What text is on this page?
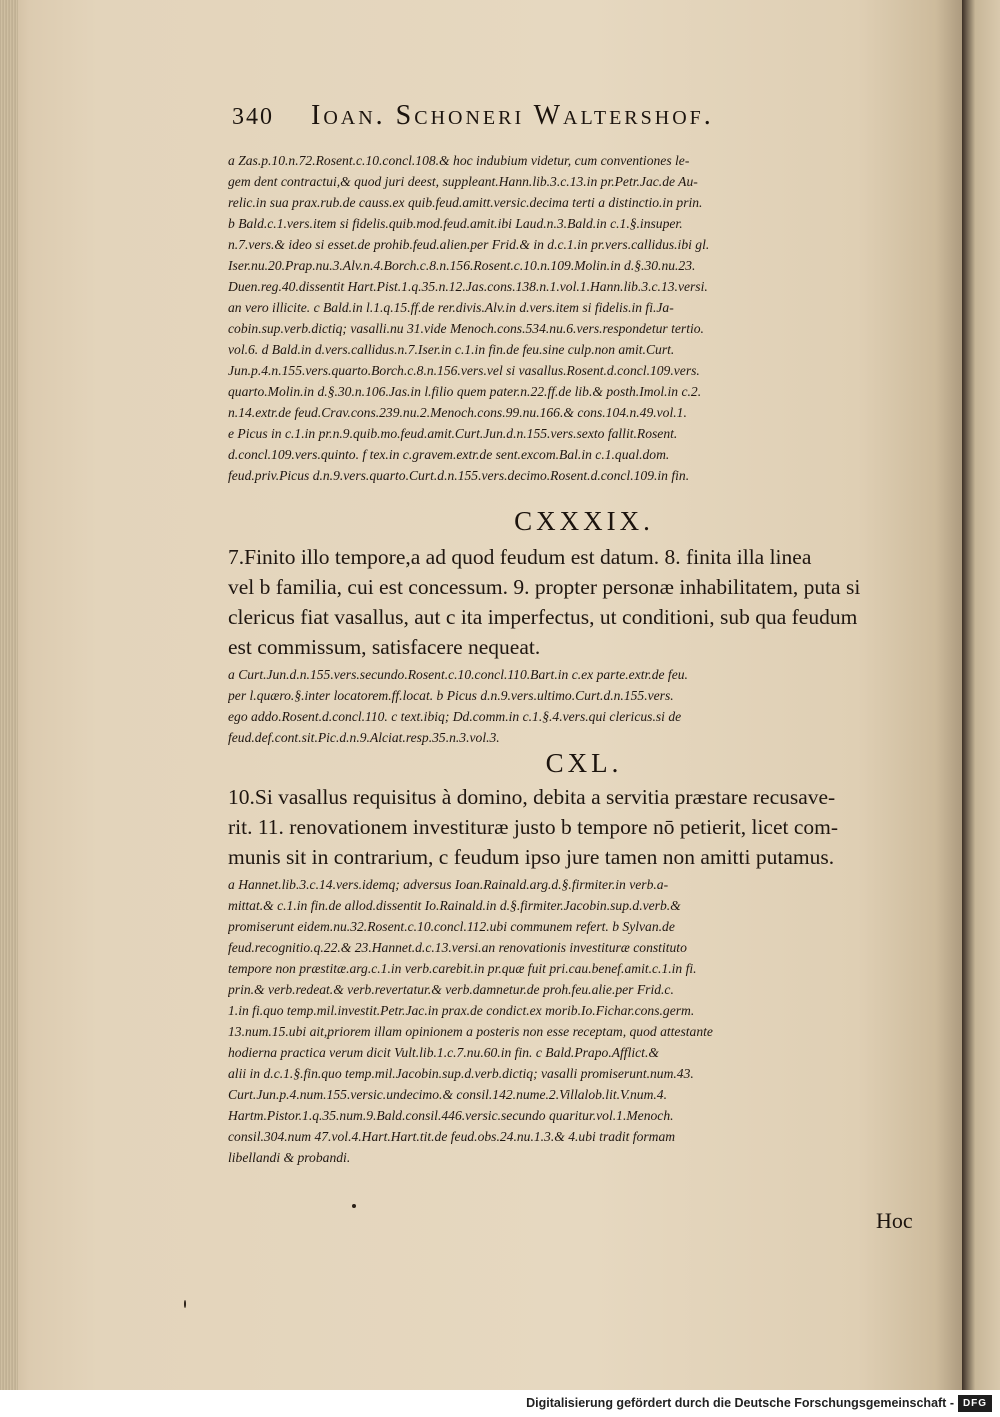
340 Ioan. Schoneri Waltershof.
a Zas.p.10.n.72.Rosent.c.10.concl.108.& hoc indubium videtur, cum conventiones le-
gem dent contractui,& quod juri deest, suppleant.Hann.lib.3.c.13.in pr.Petr.Jac.de Au-
relic.in sua prax.rub.de causs.ex quib.feud.amitt.versic.decima terti a distinctio.in prin.
b Bald.c.1.vers.item si fidelis.quib.mod.feud.amit.ibi Laud.n.3.Bald.in c.1.§.insuper.
n.7.vers.& ideo si esset.de prohib.feud.alien.per Frid.& in d.c.1.in pr.vers.callidus.ibi gl.
Iser.nu.20.Prap.nu.3.Alv.n.4.Borch.c.8.n.156.Rosent.c.10.n.109.Molin.in d.§.30.nu.23.
Duen.reg.40.dissentit Hart.Pist.1.q.35.n.12.Jas.cons.138.n.1.vol.1.Hann.lib.3.c.13.versi.
an vero illicite. c Bald.in l.1.q.15.ff.de rer.divis.Alv.in d.vers.item si fidelis.in fi.Ja-
cobin.sup.verb.dictiq; vasalli.nu 31.vide Menoch.cons.534.nu.6.vers.respondetur tertio.
vol.6. d Bald.in d.vers.callidus.n.7.Iser.in c.1.in fin.de feu.sine culp.non amit.Curt.
Jun.p.4.n.155.vers.quarto.Borch.c.8.n.156.vers.vel si vasallus.Rosent.d.concl.109.vers.
quarto.Molin.in d.§.30.n.106.Jas.in l.filio quem pater.n.22.ff.de lib.& posth.Imol.in c.2.
n.14.extr.de feud.Crav.cons.239.nu.2.Menoch.cons.99.nu.166.& cons.104.n.49.vol.1.
e Picus in c.1.in pr.n.9.quib.mo.feud.amit.Curt.Jun.d.n.155.vers.sexto fallit.Rosent.
d.concl.109.vers.quinto. f tex.in c.gravem.extr.de sent.excom.Bal.in c.1.qual.dom.
feud.priv.Picus d.n.9.vers.quarto.Curt.d.n.155.vers.decimo.Rosent.d.concl.109.in fin.
CXXXIX.
7.Finito illo tempore,a ad quod feudum est datum. 8. finita illa linea
vel b familia, cui est concessum. 9. propter personæ inhabilitatem, puta si
clericus fiat vasallus, aut c ita imperfectus, ut conditioni, sub qua feudum
est commissum, satisfacere nequeat.
a Curt.Jun.d.n.155.vers.secundo.Rosent.c.10.concl.110.Bart.in c.ex parte.extr.de feu.
per l.quæro.§.inter locatorem.ff.locat. b Picus d.n.9.vers.ultimo.Curt.d.n.155.vers.
ego addo.Rosent.d.concl.110. c text.ibiq; Dd.comm.in c.1.§.4.vers.qui clericus.si de
feud.def.cont.sit.Pic.d.n.9.Alciat.resp.35.n.3.vol.3.
CXL.
10.Si vasallus requisitus à domino, debita a servitia præstare recusave-
rit. 11. renovationem investituræ justo b tempore nō petierit, licet com-
munis sit in contrarium, c feudum ipso jure tamen non amitti putamus.
a Hannet.lib.3.c.14.vers.idemq; adversus Ioan.Rainald.arg.d.§.firmiter.in verb.a-
mittat.& c.1.in fin.de allod.dissentit Io.Rainald.in d.§.firmiter.Jacobin.sup.d.verb.&
promiserunt eidem.nu.32.Rosent.c.10.concl.112.ubi communem refert. b Sylvan.de
feud.recognitio.q.22.& 23.Hannet.d.c.13.versi.an renovationis investituræ constituto
tempore non præstitæ.arg.c.1.in verb.carebit.in pr.quæ fuit pri.cau.benef.amit.c.1.in fi.
prin.& verb.redeat.& verb.revertatur.& verb.damnetur.de proh.feu.alie.per Frid.c.
1.in fi.quo temp.mil.investit.Petr.Jac.in prax.de condict.ex morib.Io.Fichar.cons.germ.
13.num.15.ubi ait,priorem illam opinionem a posteris non esse receptam, quod attestante
hodierna practica verum dicit Vult.lib.1.c.7.nu.60.in fin. c Bald.Prapo.Afflict.&
alii in d.c.1.§.fin.quo temp.mil.Jacobin.sup.d.verb.dictiq; vasalli promiserunt.num.43.
Curt.Jun.p.4.num.155.versic.undecimo.& consil.142.nume.2.Villalob.lit.V.num.4.
Hartm.Pistor.1.q.35.num.9.Bald.consil.446.versic.secundo quaritur.vol.1.Menoch.
consil.304.num 47.vol.4.Hart.Hart.tit.de feud.obs.24.nu.1.3.& 4.ubi tradit formam
libellandi & probandi.
Hoc
Digitalisierung gefördert durch die Deutsche Forschungsgemeinschaft - DFG
